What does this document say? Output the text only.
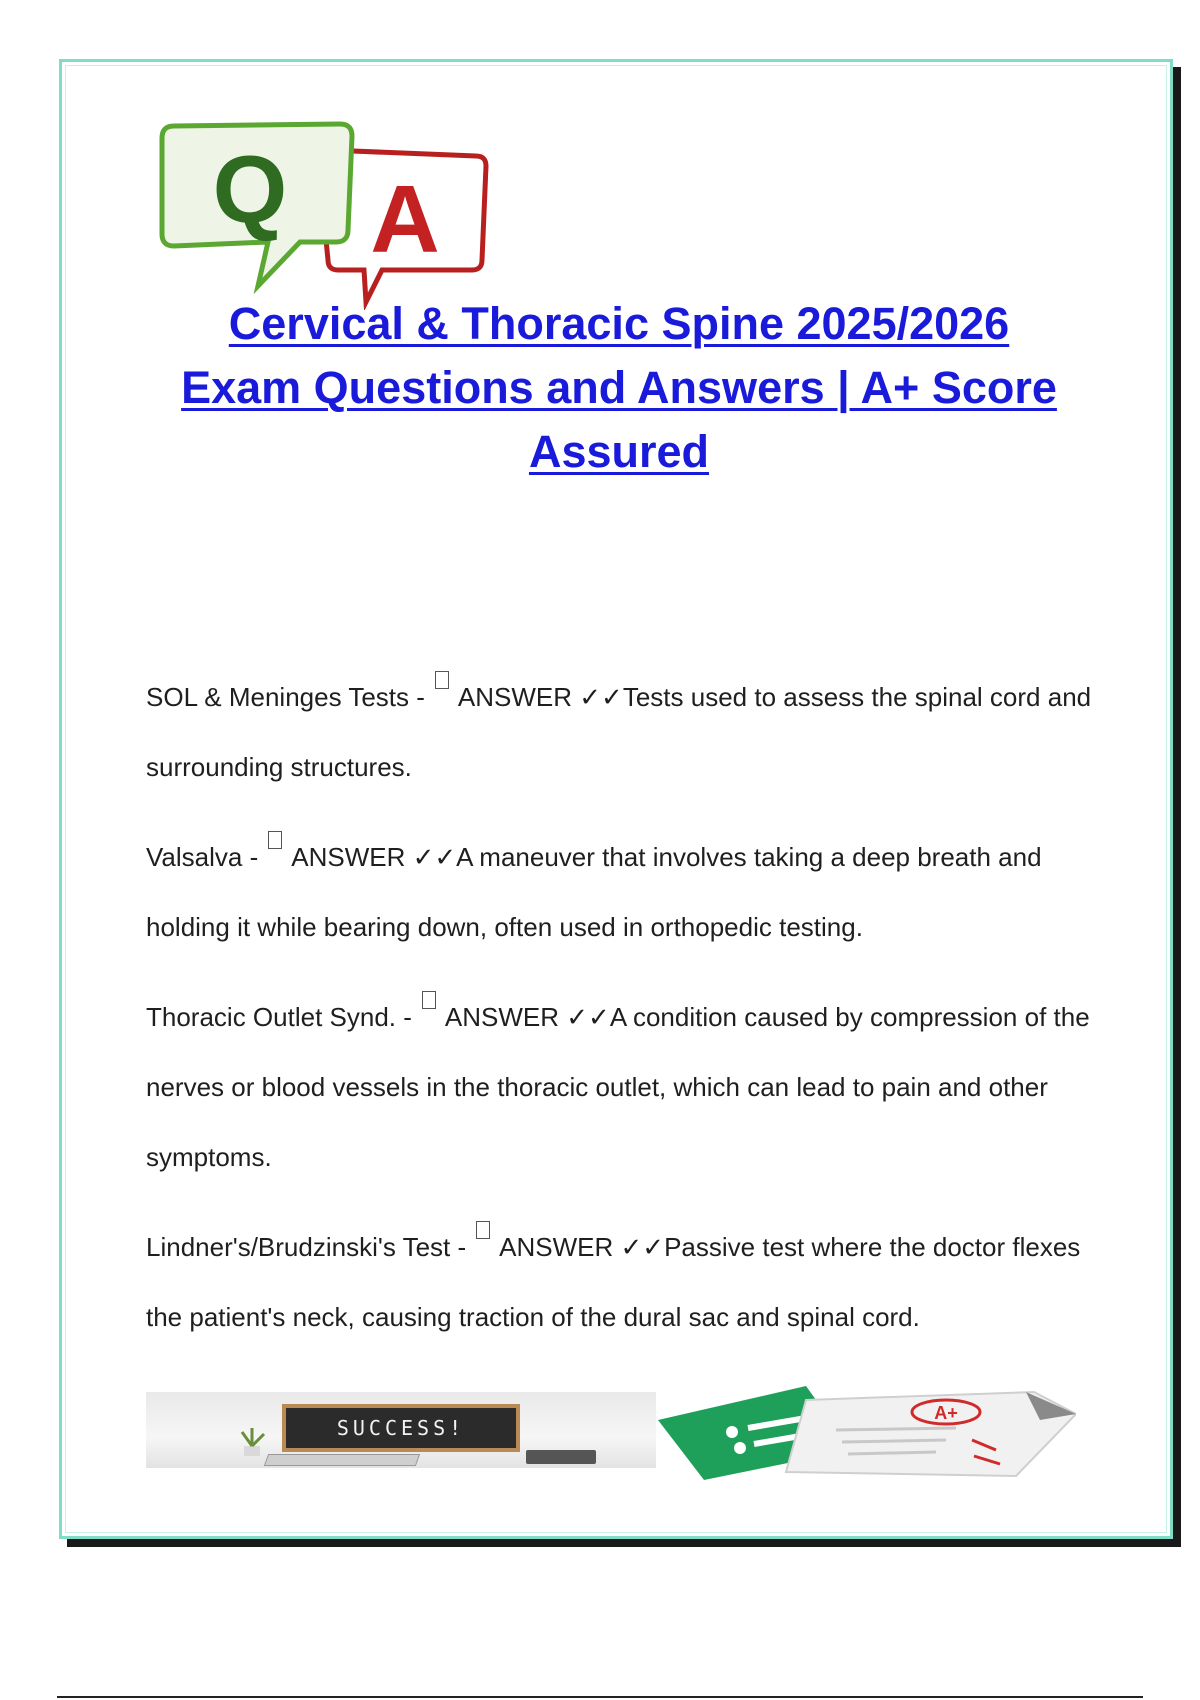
A
Q
Cervical & Thoracic Spine 2025/2026
Exam Questions and Answers | A+ Score
Assured

SOL & Meninges Tests -  ANSWER ✓✓Tests used to assess the spinal cord and surrounding structures.

Valsalva -  ANSWER ✓✓A maneuver that involves taking a deep breath and holding it while bearing down, often used in orthopedic testing.

Thoracic Outlet Synd. -  ANSWER ✓✓A condition caused by compression of the nerves or blood vessels in the thoracic outlet, which can lead to pain and other symptoms.

Lindner's/Brudzinski's Test -  ANSWER ✓✓Passive test where the doctor flexes the patient's neck, causing traction of the dural sac and spinal cord.

SUCCESS!
A+
